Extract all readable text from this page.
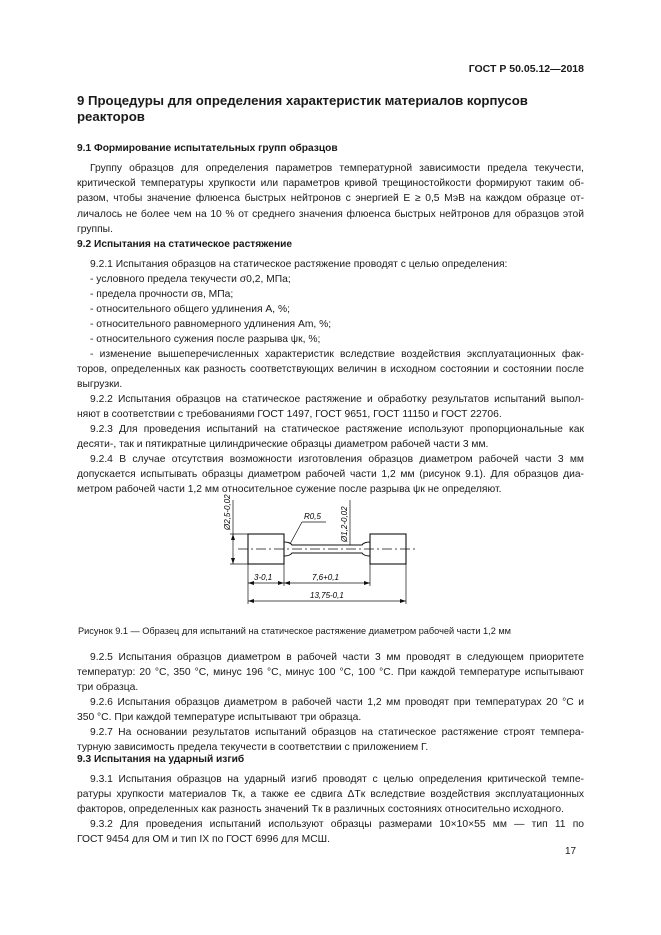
ГОСТ Р 50.05.12—2018
9 Процедуры для определения характеристик материалов корпусов реакторов
9.1 Формирование испытательных групп образцов
Группу образцов для определения параметров температурной зависимости предела текучести,
критической температуры хрупкости или параметров кривой трещиностойкости формируют таким об-
разом, чтобы значение флюенса быстрых нейтронов с энергией E ≥ 0,5 МэВ на каждом образце от-
личалось не более чем на 10 % от среднего значения флюенса быстрых нейтронов для образцов этой
группы.
9.2 Испытания на статическое растяжение
9.2.1 Испытания образцов на статическое растяжение проводят с целью определения:
- условного предела текучести σ0,2, МПа;
- предела прочности σв, МПа;
- относительного общего удлинения A, %;
- относительного равномерного удлинения Am, %;
- относительного сужения после разрыва ψк, %;
- изменение вышеперечисленных характеристик вследствие воздействия эксплуатационных фак-
торов, определенных как разность соответствующих величин в исходном состоянии и состоянии после
выгрузки.
9.2.2 Испытания образцов на статическое растяжение и обработку результатов испытаний выпол-
няют в соответствии с требованиями ГОСТ 1497, ГОСТ 9651, ГОСТ 11150 и ГОСТ 22706.
9.2.3 Для проведения испытаний на статическое растяжение используют пропорциональные как
десяти-, так и пятикратные цилиндрические образцы диаметром рабочей части 3 мм.
9.2.4 В случае отсутствия возможности изготовления образцов диаметром рабочей части 3 мм
допускается испытывать образцы диаметром рабочей части 1,2 мм (рисунок 9.1). Для образцов диа-
метром рабочей части 1,2 мм относительное сужение после разрыва ψк не определяют.
Ø2,5-0,02	Ø1,2-0,02
R0,5
3-0,1	7,6+0,1
13,75-0,1
Рисунок 9.1 — Образец для испытаний на статическое растяжение диаметром рабочей части 1,2 мм
9.2.5 Испытания образцов диаметром в рабочей части 3 мм проводят в следующем приоритете
температур: 20 °С, 350 °С, минус 196 °С, минус 100 °С, 100 °С. При каждой температуре испытывают
три образца.
9.2.6 Испытания образцов диаметром в рабочей части 1,2 мм проводят при температурах 20 °С и
350 °С. При каждой температуре испытывают три образца.
9.2.7 На основании результатов испытаний образцов на статическое растяжение строят темпера-
турную зависимость предела текучести в соответствии с приложением Г.
9.3 Испытания на ударный изгиб
9.3.1 Испытания образцов на ударный изгиб проводят с целью определения критической темпе-
ратуры хрупкости материалов Tк, а также ее сдвига ΔTк вследствие воздействия эксплуатационных
факторов, определенных как разность значений Tк в различных состояниях относительно исходного.
9.3.2 Для проведения испытаний используют образцы размерами 10×10×55 мм — тип 11 по
ГОСТ 9454 для ОМ и тип IX по ГОСТ 6996 для МСШ.
17
